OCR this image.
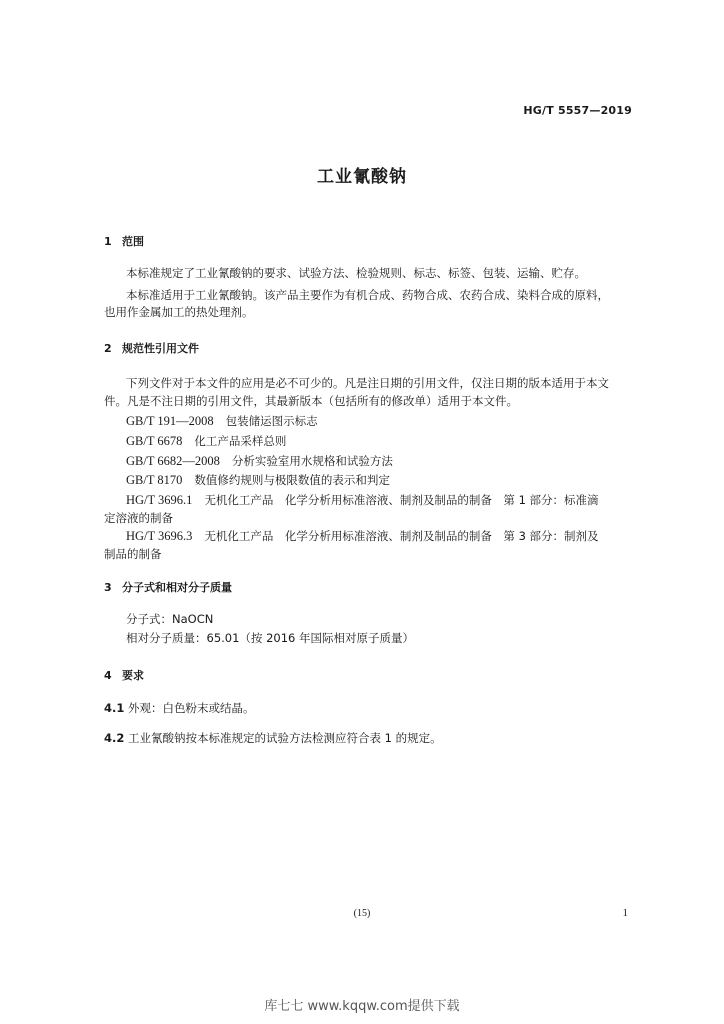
HG/T 5557—2019
工业氰酸钠
1 范围
本标准规定了工业氰酸钠的要求、试验方法、检验规则、标志、标签、包装、运输、贮存。
本标准适用于工业氰酸钠。该产品主要作为有机合成、药物合成、农药合成、染料合成的原料，
也用作金属加工的热处理剂。
2 规范性引用文件
下列文件对于本文件的应用是必不可少的。凡是注日期的引用文件，仅注日期的版本适用于本文
件。凡是不注日期的引用文件，其最新版本（包括所有的修改单）适用于本文件。
GB/T 191—2008 包装储运图示标志
GB/T 6678 化工产品采样总则
GB/T 6682—2008 分析实验室用水规格和试验方法
GB/T 8170 数值修约规则与极限数值的表示和判定
HG/T 3696.1 无机化工产品　化学分析用标准溶液、制剂及制品的制备　第 1 部分：标准滴
定溶液的制备
HG/T 3696.3 无机化工产品　化学分析用标准溶液、制剂及制品的制备　第 3 部分：制剂及
制品的制备
3 分子式和相对分子质量
分子式：NaOCN
相对分子质量：65.01（按 2016 年国际相对原子质量）
4 要求
4.1 外观：白色粉末或结晶。
4.2 工业氰酸钠按本标准规定的试验方法检测应符合表 1 的规定。
(15)	1
库七七 www.kqqw.com提供下载
